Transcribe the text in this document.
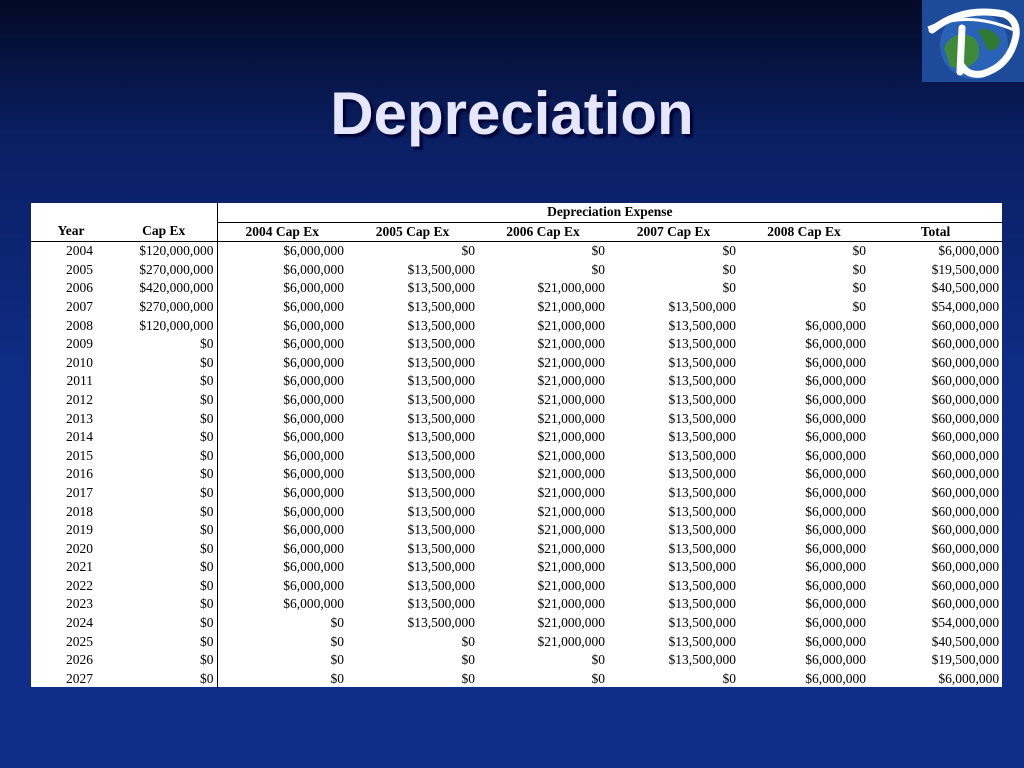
Depreciation
		Depreciation Expense					
Year	Cap Ex	2004 Cap Ex	2005 Cap Ex	2006 Cap Ex	2007 Cap Ex	2008 Cap Ex	Total
2004	$120,000,000	$6,000,000	$0	$0	$0	$0	$6,000,000
2005	$270,000,000	$6,000,000	$13,500,000	$0	$0	$0	$19,500,000
2006	$420,000,000	$6,000,000	$13,500,000	$21,000,000	$0	$0	$40,500,000
2007	$270,000,000	$6,000,000	$13,500,000	$21,000,000	$13,500,000	$0	$54,000,000
2008	$120,000,000	$6,000,000	$13,500,000	$21,000,000	$13,500,000	$6,000,000	$60,000,000
2009	$0	$6,000,000	$13,500,000	$21,000,000	$13,500,000	$6,000,000	$60,000,000
2010	$0	$6,000,000	$13,500,000	$21,000,000	$13,500,000	$6,000,000	$60,000,000
2011	$0	$6,000,000	$13,500,000	$21,000,000	$13,500,000	$6,000,000	$60,000,000
2012	$0	$6,000,000	$13,500,000	$21,000,000	$13,500,000	$6,000,000	$60,000,000
2013	$0	$6,000,000	$13,500,000	$21,000,000	$13,500,000	$6,000,000	$60,000,000
2014	$0	$6,000,000	$13,500,000	$21,000,000	$13,500,000	$6,000,000	$60,000,000
2015	$0	$6,000,000	$13,500,000	$21,000,000	$13,500,000	$6,000,000	$60,000,000
2016	$0	$6,000,000	$13,500,000	$21,000,000	$13,500,000	$6,000,000	$60,000,000
2017	$0	$6,000,000	$13,500,000	$21,000,000	$13,500,000	$6,000,000	$60,000,000
2018	$0	$6,000,000	$13,500,000	$21,000,000	$13,500,000	$6,000,000	$60,000,000
2019	$0	$6,000,000	$13,500,000	$21,000,000	$13,500,000	$6,000,000	$60,000,000
2020	$0	$6,000,000	$13,500,000	$21,000,000	$13,500,000	$6,000,000	$60,000,000
2021	$0	$6,000,000	$13,500,000	$21,000,000	$13,500,000	$6,000,000	$60,000,000
2022	$0	$6,000,000	$13,500,000	$21,000,000	$13,500,000	$6,000,000	$60,000,000
2023	$0	$6,000,000	$13,500,000	$21,000,000	$13,500,000	$6,000,000	$60,000,000
2024	$0	$0	$13,500,000	$21,000,000	$13,500,000	$6,000,000	$54,000,000
2025	$0	$0	$0	$21,000,000	$13,500,000	$6,000,000	$40,500,000
2026	$0	$0	$0	$0	$13,500,000	$6,000,000	$19,500,000
2027	$0	$0	$0	$0	$0	$6,000,000	$6,000,000
